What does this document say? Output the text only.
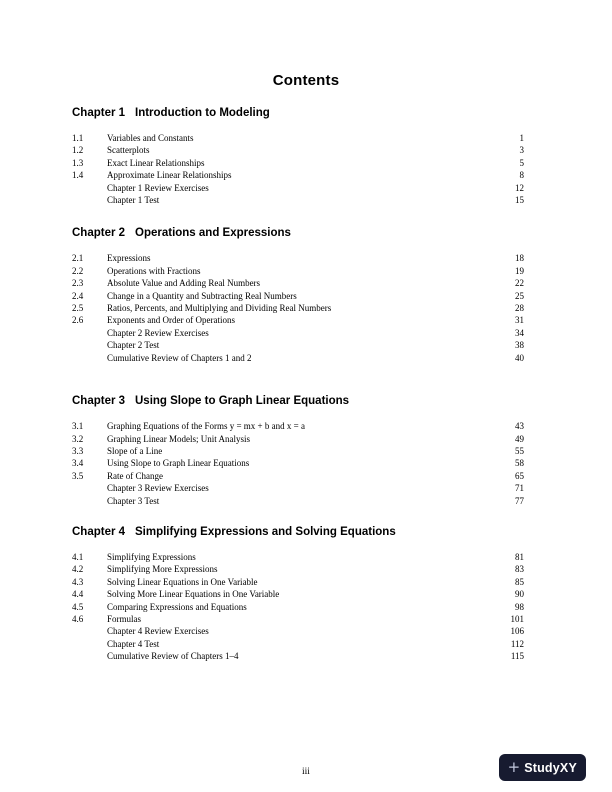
Contents
Chapter 1 Introduction to Modeling
1.1	Variables and Constants	1
1.2	Scatterplots	3
1.3	Exact Linear Relationships	5
1.4	Approximate Linear Relationships	8
Chapter 1 Review Exercises	12
Chapter 1 Test	15
Chapter 2 Operations and Expressions
2.1	Expressions	18
2.2	Operations with Fractions	19
2.3	Absolute Value and Adding Real Numbers	22
2.4	Change in a Quantity and Subtracting Real Numbers	25
2.5	Ratios, Percents, and Multiplying and Dividing Real Numbers	28
2.6	Exponents and Order of Operations	31
Chapter 2 Review Exercises	34
Chapter 2 Test	38
Cumulative Review of Chapters 1 and 2	40
Chapter 3 Using Slope to Graph Linear Equations
3.1	Graphing Equations of the Forms y = mx + b and x = a	43
3.2	Graphing Linear Models; Unit Analysis	49
3.3	Slope of a Line	55
3.4	Using Slope to Graph Linear Equations	58
3.5	Rate of Change	65
Chapter 3 Review Exercises	71
Chapter 3 Test	77
Chapter 4 Simplifying Expressions and Solving Equations
4.1	Simplifying Expressions	81
4.2	Simplifying More Expressions	83
4.3	Solving Linear Equations in One Variable	85
4.4	Solving More Linear Equations in One Variable	90
4.5	Comparing Expressions and Equations	98
4.6	Formulas	101
Chapter 4 Review Exercises	106
Chapter 4 Test	112
Cumulative Review of Chapters 1–4	115
iii	+ StudyXY
